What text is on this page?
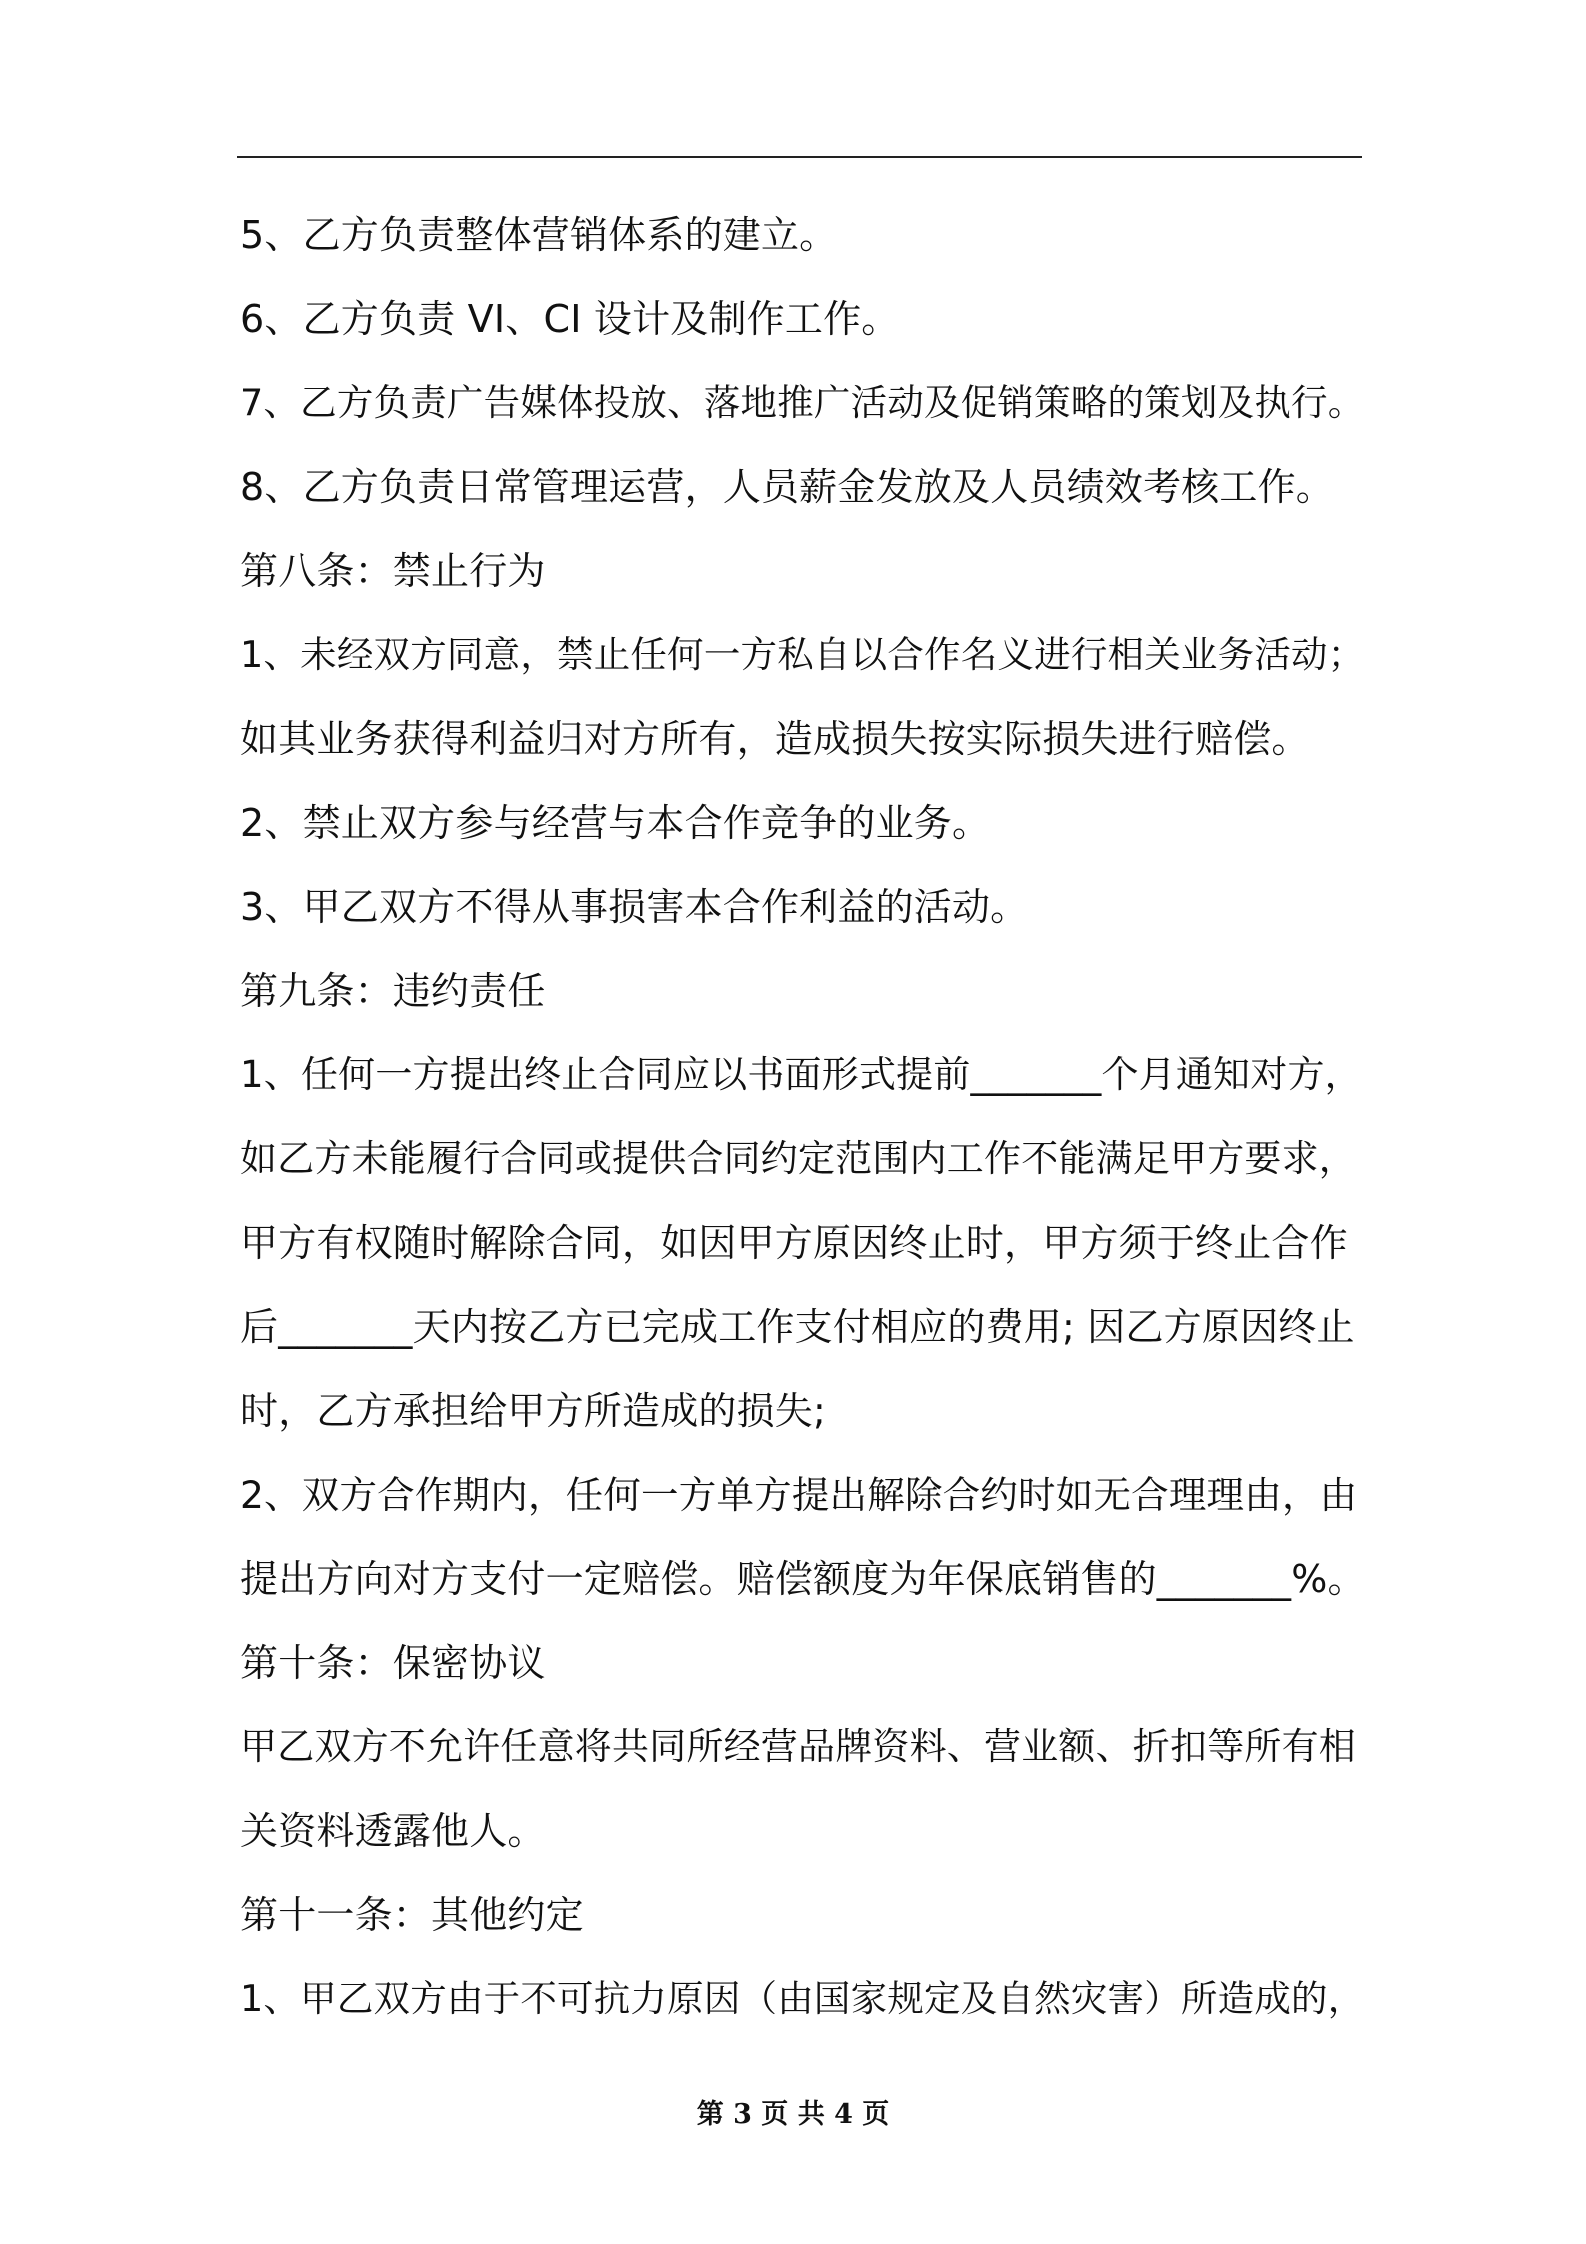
5、乙方负责整体营销体系的建立。
6、乙方负责 VI、CI 设计及制作工作。
7、乙方负责广告媒体投放、落地推广活动及促销策略的策划及执行。
8、乙方负责日常管理运营，人员薪金发放及人员绩效考核工作。
第八条：禁止行为
1、未经双方同意，禁止任何一方私自以合作名义进行相关业务活动；
如其业务获得利益归对方所有，造成损失按实际损失进行赔偿。
2、禁止双方参与经营与本合作竞争的业务。
3、甲乙双方不得从事损害本合作利益的活动。
第九条：违约责任
1、任何一方提出终止合同应以书面形式提前_______个月通知对方，
如乙方未能履行合同或提供合同约定范围内工作不能满足甲方要求，
甲方有权随时解除合同，如因甲方原因终止时，甲方须于终止合作
后_______天内按乙方已完成工作支付相应的费用; 因乙方原因终止
时，乙方承担给甲方所造成的损失;
2、双方合作期内，任何一方单方提出解除合约时如无合理理由，由
提出方向对方支付一定赔偿。赔偿额度为年保底销售的_______%。
第十条：保密协议
甲乙双方不允许任意将共同所经营品牌资料、营业额、折扣等所有相
关资料透露他人。
第十一条：其他约定
1、甲乙双方由于不可抗力原因（由国家规定及自然灾害）所造成的，
第 3 页 共 4 页
